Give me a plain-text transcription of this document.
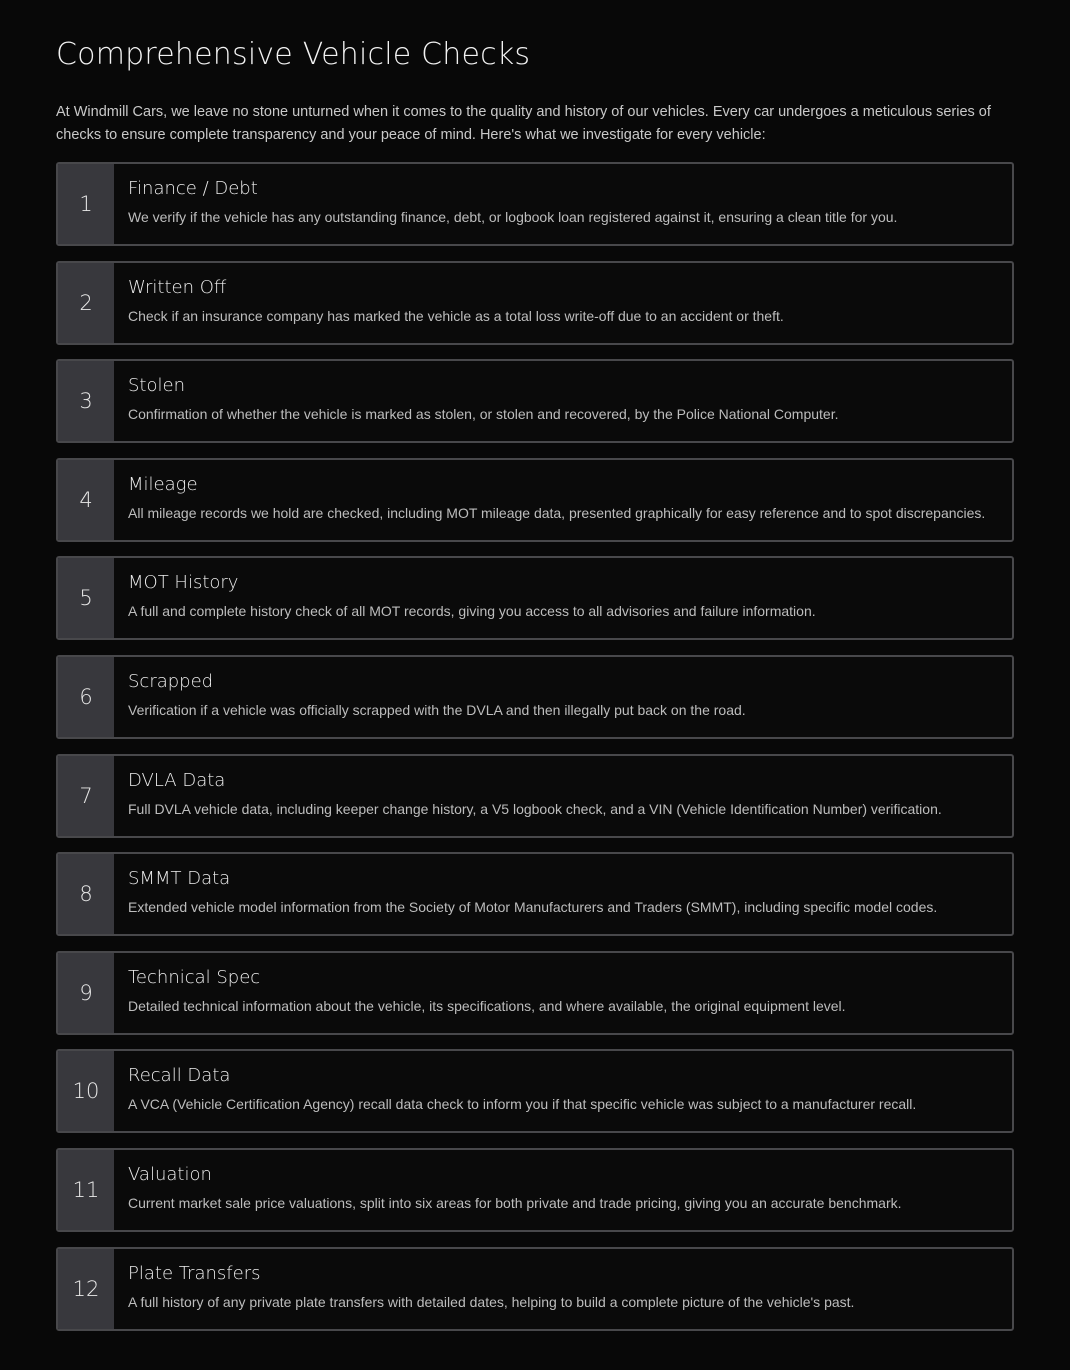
Comprehensive Vehicle Checks

At Windmill Cars, we leave no stone unturned when it comes to the quality and history of our vehicles. Every car undergoes a meticulous series of checks to ensure complete transparency and your peace of mind. Here's what we investigate for every vehicle:

1
Finance / Debt
We verify if the vehicle has any outstanding finance, debt, or logbook loan registered against it, ensuring a clean title for you.
2
Written Off
Check if an insurance company has marked the vehicle as a total loss write-off due to an accident or theft.
3
Stolen
Confirmation of whether the vehicle is marked as stolen, or stolen and recovered, by the Police National Computer.
4
Mileage
All mileage records we hold are checked, including MOT mileage data, presented graphically for easy reference and to spot discrepancies.
5
MOT History
A full and complete history check of all MOT records, giving you access to all advisories and failure information.
6
Scrapped
Verification if a vehicle was officially scrapped with the DVLA and then illegally put back on the road.
7
DVLA Data
Full DVLA vehicle data, including keeper change history, a V5 logbook check, and a VIN (Vehicle Identification Number) verification.
8
SMMT Data
Extended vehicle model information from the Society of Motor Manufacturers and Traders (SMMT), including specific model codes.
9
Technical Spec
Detailed technical information about the vehicle, its specifications, and where available, the original equipment level.
10
Recall Data
A VCA (Vehicle Certification Agency) recall data check to inform you if that specific vehicle was subject to a manufacturer recall.
11
Valuation
Current market sale price valuations, split into six areas for both private and trade pricing, giving you an accurate benchmark.
12
Plate Transfers
A full history of any private plate transfers with detailed dates, helping to build a complete picture of the vehicle's past.
